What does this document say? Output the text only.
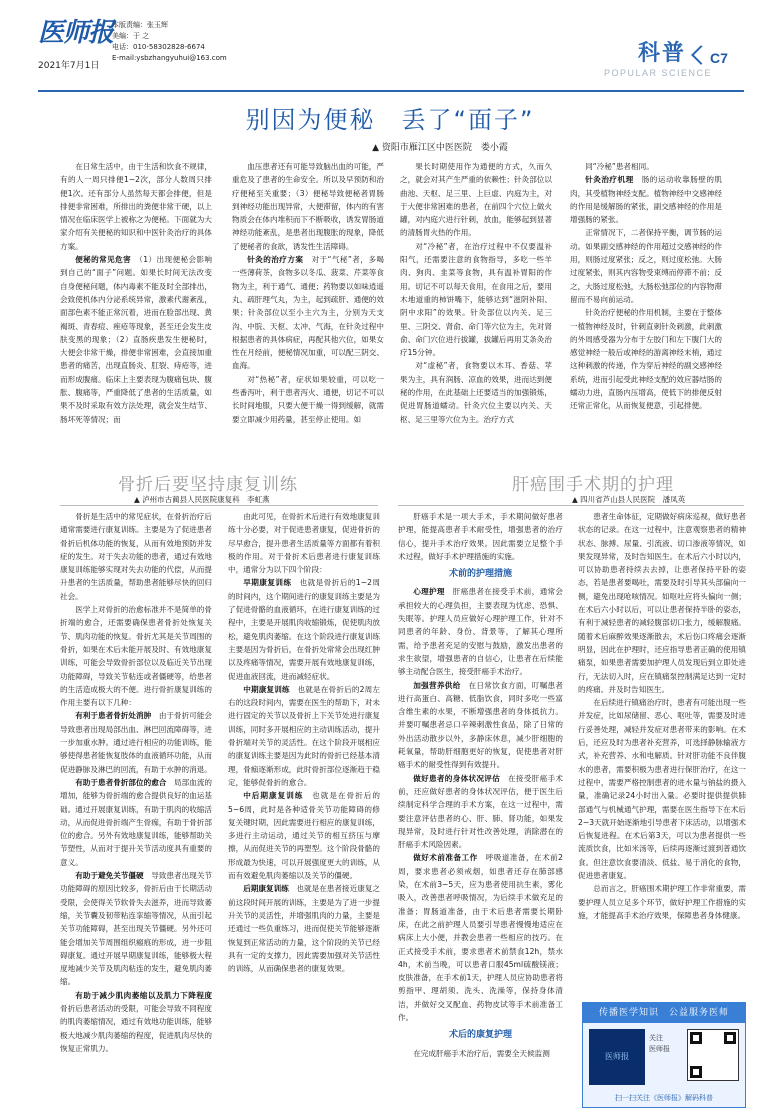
医师报
2021年7月1日
本版责编：张玉辉
美编：于 之
电话：010-58302828-6674
E-mail:ysbzhangyuhui@163.com	科普
POPULAR SCIENCE
C7
别因为便秘　丢了“面子”
▲ 资阳市雁江区中医医院　娄小霞

在日常生活中，由于生活和饮食不规律，有的人一周只排便1~2次，部分人数周只排便1次。还有部分人虽然每天都会排便，但是排便非常困难，所排出的粪便非常干硬，以上情况在临床医学上被称之为便秘。下面就为大家介绍有关便秘的知识和中医针灸治疗的具体方案。

便秘的常见危害　 （1）出现便秘会影响到自己的“面子”问题。如果长时间无法改变自身便秘问题，体内毒素不能及时全部排出，会致使机体内分泌系统异常，激素代谢紊乱，面部色素不能正常沉着，进而在脸部出现、黄褐斑、青春痘、痤疮等现象，甚至还会发生皮肤变黑的现象；（2）直肠疾患发生便秘时，大便会非常干燥，排便非常困难，会直接加重患者的痛苦，出现直肠炎、肛裂、痔疮等，进而形成腹痛。临床上主要表现为腹痛包块、腹胀、腹痛等，严重降低了患者的生活质量，如果不及时采取有效方法处理，就会发生结节、肠坏死等情况；而

血压患者还有可能导致脑出血的可能，严重危及了患者的生命安全。所以及早预防和治疗便秘至关重要；（3）便秘导致便秘者胃肠到神经功能出现异常，大便滞留，体内的有害物质会在体内堆积而下不断吸收，诱发胃肠道神经功能紊乱，是患者出现腹胀的现象，降低了便秘者的食欲，诱发性生活障碍。

针灸的治疗方案　 对于“气秘”者，多喝一些薄荷茶，食物多以冬瓜、菠菜、芹菜等食物为主，利于通气、通便；药物要以如味逍遥丸、疏肝理气丸，为主，起到疏肝、通便的效果；针灸部位以至小主穴为主，分别为天支沟、中脘、天枢、太冲、气海，在针灸过程中根据患者的具体病症，再配其他穴位，如果女性在月经前，便秘情况加重，可以配三阴交、血海。

对“热秘”者，症状如果较重，可以吃一些番泻叶，利于患者泻火、通便，切记不可以长时间地服，只要大便干燥一得到缓解，就需要立即减少用药量，甚至停止使用。如

果长时期使用作为通便的方式，久而久之，就会对其产生严重的依赖性；针灸部位以曲池、天枢、足三里、上巨虚、内庭为主，对于大便非常困难的患者，在前四个穴位上做火罐，对内庭穴进行针刺，放血，能够起到显著的清肠胃火热的作用。

对“冷秘”者，在治疗过程中不仅要温补阳气，还需要注意的食物指导，多吃一些羊肉、狗肉、韭菜等食物，具有温补胃阳的作用。切记不可以每天食用，在食用之后，要用木地道重的柿饼嘴下，能够达到“滋阴补阳、阴中求阳”的效果。针灸部位以内关、足三里、三阴交、肾俞、命门等穴位为主，先对肾俞、命门穴位进行拔罐，拔罐后再用艾条灸治疗15分钟。

对“虚秘”者，食物要以木耳、香菇、苹果为主，具有润肠、凉血的效果，进而达到便秘的作用，在此基础上还要适当的加强锻炼，促进胃肠道蠕动。针灸穴位主要以内关、天枢、足三里等穴位为主。治疗方式

同“冷秘”患者相同。

针灸治疗机理　 肠的运动收靠肠壁的肌肉，其受植物神经支配。植物神经中交感神经的作用是缓解肠的紧张，副交感神经的作用是增强肠的紧张。

正常情况下，二者保持平衡，调节肠的运动。如果副交感神经的作用超过交感神经的作用，则肠过度紧张；反之，则过度松弛。大肠过度紧张，则其内容物受束缚而停滞不前；反之，大肠过度松弛，大肠松弛部位的内容物滞留而不易向前运动。

针灸治疗便秘的作用机制，主要在于整体一植物神经及时，针刺直刺针灸刺激，此刺激的外周感受器为分布于左胶门和左下腹门大的感觉神经一般后或神经的游离神经末梢，通过这种刺激的传递，作为穿后神经的副交感神经系统，进而引起受此神经支配的效应器结肠的蠕动力进，直肠内压增高，使低下的排便反射还常正常化，从而恢复便意，引起排便。

骨折后要坚持康复训练
▲ 泸州市古蔺县人民医院康复科　李虹燕

骨折是生活中的常见症状，在骨折治疗后通常需要进行康复训练。主要是为了促进患者骨折后机体功能的恢复，从而有效地预防并发症的发生。对于失去功能的患者，通过有效地康复训练能够实现对失去功能的代偿，从而提升患者的生活质量，帮助患者能够尽快的回归社会。

医学上对骨折的治愈标准并不是简单的骨折端的愈合，还需要确保患者骨折处恢复关节、肌肉功能的恢复。骨折尤其是关节周围的骨折，如果在术后未能开展及时、有效地康复训练，可能会导致骨折部位以及临近关节出现功能障碍，导致关节粘连或者僵硬等，给患者的生活造成极大的不便。进行骨折康复训练的作用主要有以下几种：

有利于患者骨折处消肿　 由于骨折可能会导致患者出现局部出血、淋巴回流障碍等，进一步加重水肿。通过进行相应的功能训练，能够使得患者能恢复肢体的血液循环功能，从而促进静脉及淋巴的回流，有助于水肿的消退。

有助于患者骨折部位的愈合　 局部血流的增加，能够为骨折端的愈合提供良好的血运基础。通过开展康复训练，有助于肌肉的收缩活动，从而促进骨折端产生骨痂，有助于骨折部位的愈合。另外有效地康复训练，能够帮助关节塑性，从而对于提升关节活动度具有重要的意义。

有助于避免关节僵硬　 导致患者出现关节功能障碍的原因比较多，骨折后由于长期活动受限，会使得关节软骨失去滋养，进而导致萎缩，关节囊及韧带粘连挛缩等情况，从而引起关节功能障碍，甚至出现关节僵硬。另外还可能会增加关节周围组织瘢痕的形成，进一步阻碍康复。通过开展早期康复训练，能够极大程度地减少关节及肌肉粘连的发生，避免肌肉萎缩。

有助于减少肌肉萎缩以及肌力下降程度　骨折后患者活动的受限，可能会导致不同程度的肌肉萎缩情况，通过有效地功能训练，能够极大地减少肌肉萎缩的程度，促进肌肉尽快的恢复正常肌力。

由此可见，在骨折术后进行有效地康复训练十分必要，对于促进患者康复，促进骨折的尽早愈合，提升患者生活质量等方面都有着积极的作用。对于骨折术后患者进行康复训练中，通常分为以下四个阶段：

早期康复训练　 也就是骨折后的1~2周的时间内，这个期间进行的康复训练主要是为了促进骨骼的血液循环，在进行康复训练的过程中，主要是开展肌肉收缩锻炼，促使肌肉放松，避免肌肉萎缩。在这个阶段进行康复训练主要是因为骨折后，在骨折处常常会出现红肿以及疼痛等情况，需要开展有效地康复训练，促进血液回流，进而减轻症状。

中期康复训练　 也就是在骨折后的2周左右的这段时间内，需要在医生的帮助下，对未进行固定的关节以及骨折上下关节处进行康复训练，同时多开展相应的主动训练活动，提升骨折端对关节的灵活性。在这个阶段开展相应的康复训练主要是因为此时的骨折已经基本清理，骨痂逐渐形成，此时骨折部位逐渐趋于稳定，能够促骨折的愈合。

中后期康复训练　 也就是在骨折后的5~6周，此时是各种适骨关节功能障碍的修复关键时期，因此需要进行相应的康复训练，多进行主动运动，通过关节的相互挤压与摩擦，从而促进关节的再塑型。这个阶段骨骼的形成最为快速，可以开展强度更大的训练，从而有效避免肌肉萎缩以及关节的僵硬。

后期康复训练　 也就是在患者接近康复之前这段时间开展的训练，主要是为了进一步提升关节的灵活性，并增强肌肉的力量，主要是还通过一些负重练习，进而促使关节能够逐渐恢复到正常活动的力量，这个阶段的关节已经具有一定的支撑力，因此需要加强对关节活性的训练，从而确保患者的康复效果。

肝癌围手术期的护理
▲ 四川省芦山县人民医院　潘凤英

肝癌手术是一项大手术，手术期间做好患者护理，能提高患者手术耐受性，增强患者的治疗信心，提升手术治疗效果。因此需要立足整个手术过程，做好手术护理措施的实施。

术前的护理措施

心理护理　 肝癌患者在接受手术前，通常会承担较大的心理负担，主要表现为忧虑、恐惧、失眠等。护理人员应做好心理护理工作，针对不同患者的年龄、身份、背景等，了解其心理所需，给予患者充足的安慰与鼓励，激发出患者的求生欲望，增强患者的自信心，让患者在后续能够主动配合医生，接受肝癌手术治疗。

加强营养供给　 在日常饮食方面，叮嘱患者进行高蛋白、高糖、低脂饮食，同时多吃一些富含维生素的水果，不断增强患者的身体抵抗力。并要叮嘱患者忌口辛辣刺激性食品，除了日常的外出活动散步以外，多静床休息，减少肝细胞的耗氧量，帮助肝细胞更好的恢复，促使患者对肝癌手术的耐受性得到有效提升。

做好患者的身体状况评估　 在接受肝癌手术前，还应做好患者的身体状况评估，便于医生后续制定科学合理的手术方案，在这一过程中，需要注意评估患者的心、肝、肺、肾功能，如果发现异常，及时进行针对性改善处理，消除潜在的肝癌手术风险因素。

做好术前准备工作　 呼吸道准备，在术前2周，要求患者必须戒烟，如患者还存在肺部感染，在术前3~5天，应为患者使用抗生素，雾化吸入，改善患者呼吸情况，为后续手术做充足的准备；胃肠道准备，由于术后患者需要长期卧床，在此之前护理人员要引导患者慢慢地适应在病床上大小便，并教会患者一些相应的技巧。在正式接受手术前，要求患者术前禁食12h，禁水4h，术前当晚，可以患者口服45ml硫酸镁液；皮肤准备，在手术前1天，护理人员应协助患者将剪指甲、理胡须、洗头、洗澡等，保持身体清洁，并做好交叉配血、药物皮试等手术前准备工作。

术后的康复护理

在完成肝癌手术治疗后，需要全天候监测

患者生命体征，定期做好病床巡视，做好患者状态的记录。在这一过程中，注意观察患者的精神状态、脉搏、尿量、引流液、切口渗液等情况，如果发现异常，及时告知医生。在术后六小时以内，可以协助患者持续去去掉，让患者保持平卧的姿态，若是患者要喝吐，需要及时引导其头部偏向一侧，避免出现呛咳情况。如呕吐应将头偏向一侧；在术后六小时以后，可以让患者保持半卧的姿态，有利于减轻患者的减轻腹部切口张力，缓解腹痛。随着术后麻醉效果逐渐散去，术后伤口疼痛会逐渐明显，因此在护理时，还应指导患者正确的使用镇痛泵，如果患者需要加护理人员发现后到立即处进行，无法切入时，应在镇痛泵控制满足达到一定时的疼痛。并及时告知医生。

在后续进行镇痛治疗时，患者有可能出现一些并发症，比如尿储留、恶心、呕吐等，需要及时进行妥善处理，减轻并发症对患者带来的影响。在术后，还应及时为患者补充营养，可选择静脉输液方式，补充营养、水和电解质。针对肝功能不良伴腹水的患者，需要积极为患者进行保肝治疗，在这一过程中，需要严格控制患者的进水量与钠盐的摄入量，准确记录24小时出入量。必要时提供提供肺部通气与机械通气护理，需要在医生指导下在术后2~3天就开始逐渐地引导患者下床活动，以增强术后恢复进程。在术后第3天，可以为患者提供一些流质饮食，比如米汤等，后续再逐渐过渡到普通饮食。但注意饮食要清淡、低盐、易于消化的食物，促进患者康复。

总而言之，肝癌围术期护理工作非常重要，需要护理人员立足多个环节，做好护理工作措施的实施，才能提高手术治疗效果，保障患者身体健康。

传播医学知识　公益服务医师
医师报
关注
医师报
扫一扫关注《医师报》解码科普
